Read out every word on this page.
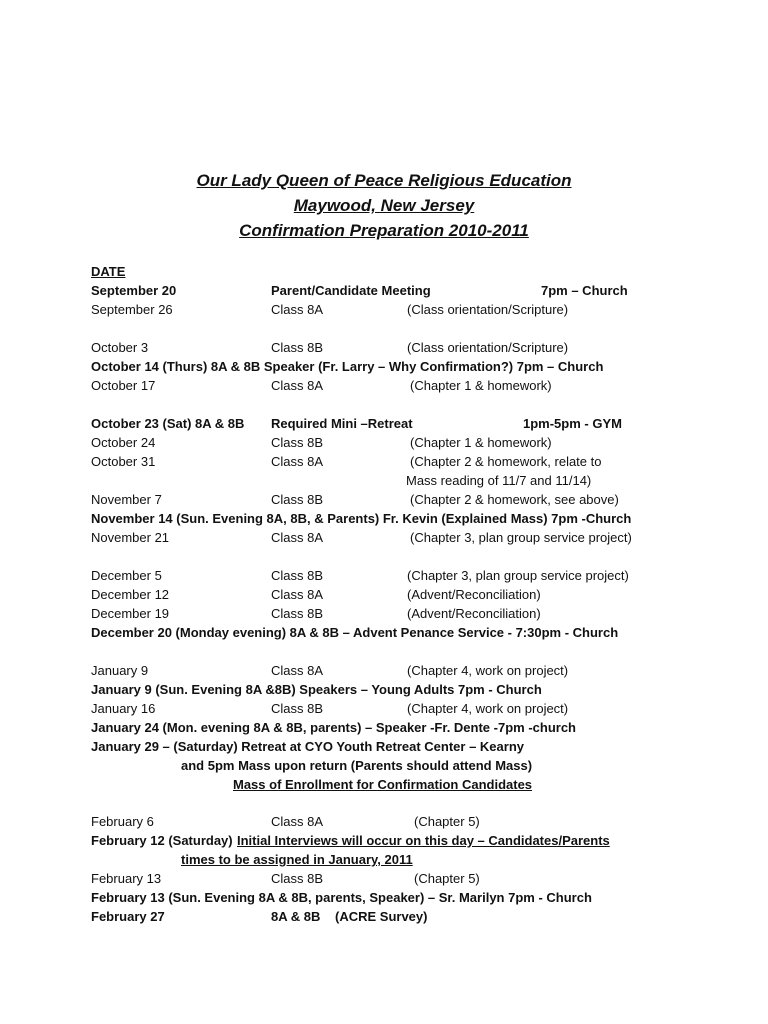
Our Lady Queen of Peace Religious Education
Maywood, New Jersey
Confirmation Preparation 2010-2011
DATE
September 20	Parent/Candidate Meeting	7pm – Church
September 26	Class 8A	(Class orientation/Scripture)
October 3	Class 8B	(Class orientation/Scripture)
October 14 (Thurs) 8A & 8B Speaker (Fr. Larry – Why Confirmation?) 7pm – Church
October 17	Class 8A	(Chapter 1 & homework)
October 23 (Sat) 8A & 8B Required Mini –Retreat	1pm-5pm - GYM
October 24	Class 8B	(Chapter 1 & homework)
October 31	Class 8A	(Chapter 2 & homework, relate to
Mass reading of 11/7 and 11/14)
November 7	Class 8B	(Chapter 2 & homework, see above)
November 14 (Sun. Evening 8A, 8B, & Parents) Fr. Kevin (Explained Mass) 7pm -Church
November 21	Class 8A	(Chapter 3, plan group service project)
December 5	Class 8B	(Chapter 3, plan group service project)
December 12	Class 8A	(Advent/Reconciliation)
December 19	Class 8B	(Advent/Reconciliation)
December 20 (Monday evening) 8A & 8B – Advent Penance Service - 7:30pm - Church
January 9	Class 8A	(Chapter 4, work on project)
January 9 (Sun. Evening 8A &8B) Speakers – Young Adults 7pm - Church
January 16	Class 8B	(Chapter 4, work on project)
January 24 (Mon. evening 8A & 8B, parents) – Speaker -Fr. Dente -7pm -church
January 29 – (Saturday) Retreat at CYO Youth Retreat Center – Kearny
and 5pm Mass upon return (Parents should attend Mass)
Mass of Enrollment for Confirmation Candidates
February 6	Class 8A	(Chapter 5)
February 12 (Saturday) Initial Interviews will occur on this day – Candidates/Parents
times to be assigned in January, 2011
February 13	Class 8B	(Chapter 5)
February 13 (Sun. Evening 8A & 8B, parents, Speaker) – Sr. Marilyn 7pm - Church
February 27	8A & 8B (ACRE Survey)
